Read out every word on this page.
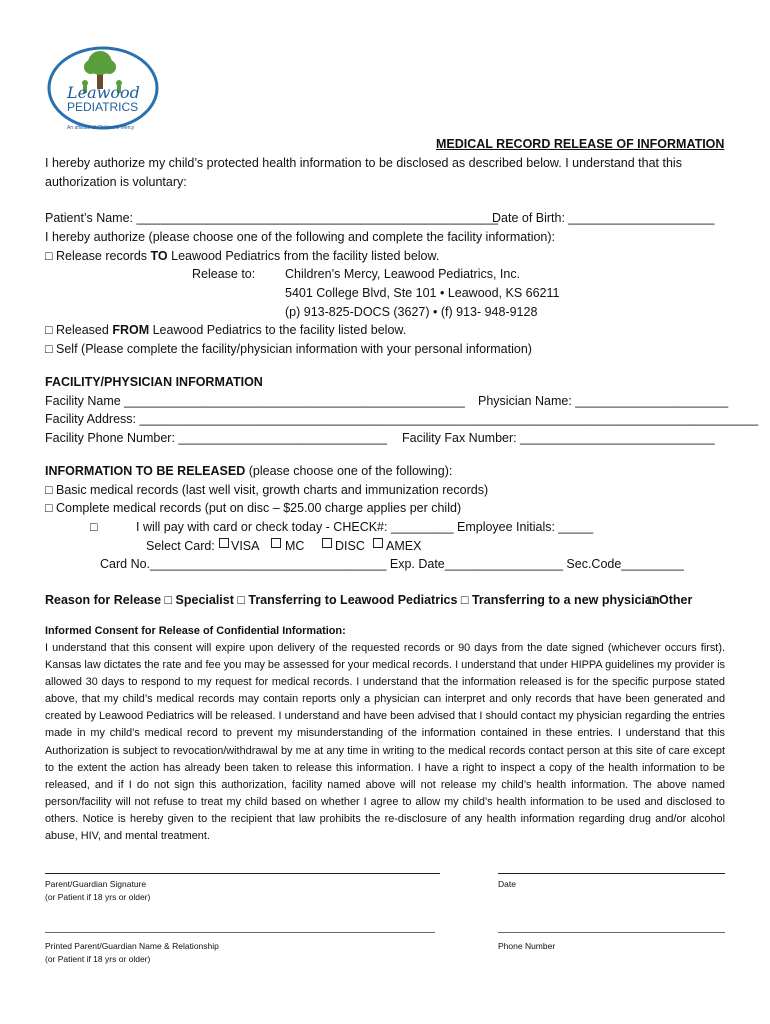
Leawood
PEDIATRICS
An affiliate of Children's Mercy
MEDICAL RECORD RELEASE OF INFORMATION
I hereby authorize my child’s protected health information to be disclosed as described below. I understand that this
authorization is voluntary:
Patient’s Name: ____________________________________________________
Date of Birth: _____________________
I hereby authorize (please choose one of the following and complete the facility information):
□ Release records TO Leawood Pediatrics from the facility listed below.
Release to: Children’s Mercy, Leawood Pediatrics, Inc.
5401 College Blvd, Ste 101 • Leawood, KS 66211
(p) 913-825-DOCS (3627) • (f) 913- 948-9128
□ Released FROM Leawood Pediatrics to the facility listed below.
□ Self (Please complete the facility/physician information with your personal information)
FACILITY/PHYSICIAN INFORMATION
Facility Name _________________________________________________ Physician Name: ______________________
Facility Address: _________________________________________________________________________________________
Facility Phone Number: ______________________________ Facility Fax Number: ____________________________
INFORMATION TO BE RELEASED (please choose one of the following):
□ Basic medical records (last well visit, growth charts and immunization records)
□ Complete medical records (put on disc – $25.00 charge applies per child)
□	I will pay with card or check today - CHECK#: _________ Employee Initials: _____
Select Card: VISA MC DISC AMEX
Card No.__________________________________ Exp. Date_________________ Sec.Code_________
Reason for Release □ Specialist □ Transferring to Leawood Pediatrics □ Transferring to a new physician
□ Other
Informed Consent for Release of Confidential Information:
I understand that this consent will expire upon delivery of the requested records or 90 days from the date signed (whichever occurs first). Kansas law dictates the rate and fee you may be assessed for your medical records. I understand that under HIPPA guidelines my provider is allowed 30 days to respond to my request for medical records. I understand that the information released is for the specific purpose stated above, that my child’s medical records may contain reports only a physician can interpret and only records that have been generated and created by Leawood Pediatrics will be released. I understand and have been advised that I should contact my physician regarding the entries made in my child’s medical record to prevent my misunderstanding of the information contained in these entries. I understand that this Authorization is subject to revocation/withdrawal by me at any time in writing to the medical records contact person at this site of care except to the extent the action has already been taken to release this information. I have a right to inspect a copy of the health information to be released, and if I do not sign this authorization, facility named above will not release my child’s health information. The above named person/facility will not refuse to treat my child based on whether I agree to allow my child’s health information to be used and disclosed to others. Notice is hereby given to the recipient that law prohibits the re-disclosure of any health information regarding drug and/or alcohol abuse, HIV, and mental treatment.
Parent/Guardian Signature
(or Patient if 18 yrs or older)
Date
Printed Parent/Guardian Name & Relationship
(or Patient if 18 yrs or older)
Phone Number
